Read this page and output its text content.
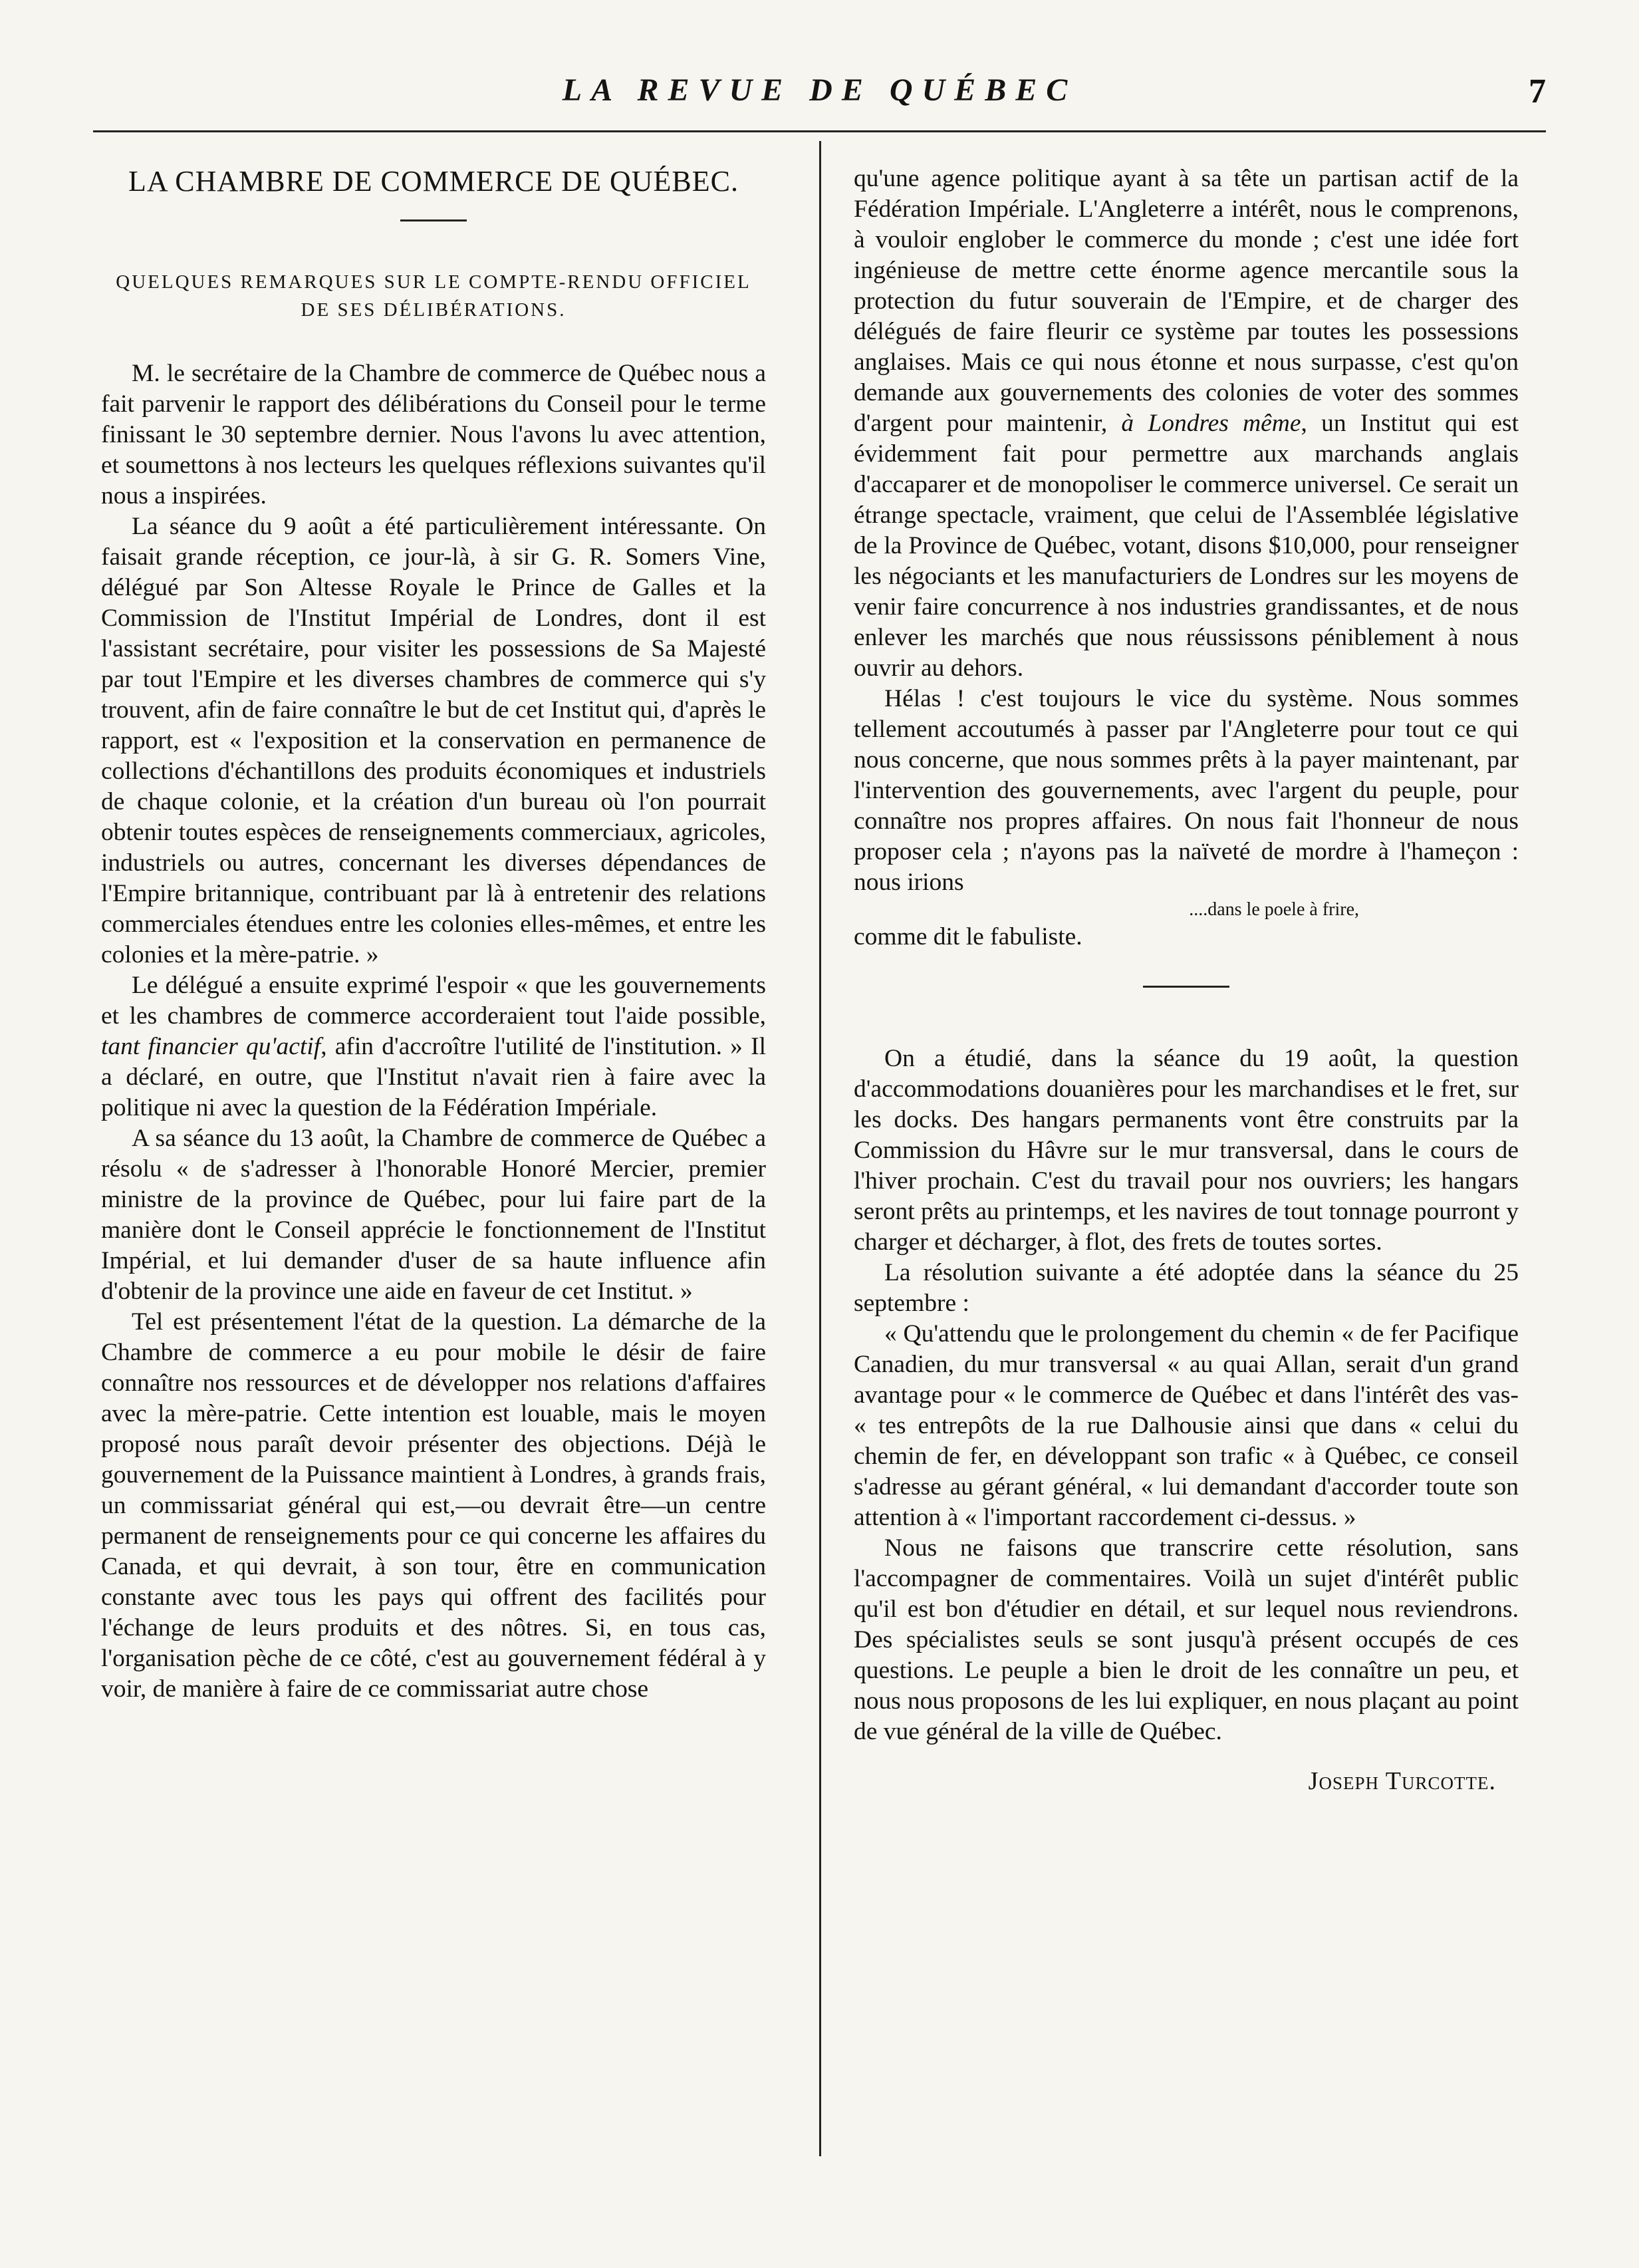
LA REVUE DE QUÉBEC	7
LA CHAMBRE DE COMMERCE DE QUÉBEC.
QUELQUES REMARQUES SUR LE COMPTE-RENDU OFFICIEL DE SES DÉLIBÉRATIONS.

M. le secrétaire de la Chambre de commerce de Québec nous a fait parvenir le rapport des délibérations du Conseil pour le terme finissant le 30 septembre dernier. Nous l'avons lu avec attention, et soumettons à nos lecteurs les quelques réflexions suivantes qu'il nous a inspirées.

La séance du 9 août a été particulièrement intéressante. On faisait grande réception, ce jour-là, à sir G. R. Somers Vine, délégué par Son Altesse Royale le Prince de Galles et la Commission de l'Institut Impérial de Londres, dont il est l'assistant secrétaire, pour visiter les possessions de Sa Majesté par tout l'Empire et les diverses chambres de commerce qui s'y trouvent, afin de faire connaître le but de cet Institut qui, d'après le rapport, est « l'exposition et la conservation en permanence de collections d'échantillons des produits économiques et industriels de chaque colonie, et la création d'un bureau où l'on pourrait obtenir toutes espèces de renseignements commerciaux, agricoles, industriels ou autres, concernant les diverses dépendances de l'Empire britannique, contribuant par là à entretenir des relations commerciales étendues entre les colonies elles-mêmes, et entre les colonies et la mère-patrie. »

Le délégué a ensuite exprimé l'espoir « que les gouvernements et les chambres de commerce accorderaient tout l'aide possible, tant financier qu'actif, afin d'accroître l'utilité de l'institution. » Il a déclaré, en outre, que l'Institut n'avait rien à faire avec la politique ni avec la question de la Fédération Impériale.

A sa séance du 13 août, la Chambre de commerce de Québec a résolu « de s'adresser à l'honorable Honoré Mercier, premier ministre de la province de Québec, pour lui faire part de la manière dont le Conseil apprécie le fonctionnement de l'Institut Impérial, et lui demander d'user de sa haute influence afin d'obtenir de la province une aide en faveur de cet Institut. »

Tel est présentement l'état de la question. La démarche de la Chambre de commerce a eu pour mobile le désir de faire connaître nos ressources et de développer nos relations d'affaires avec la mère-patrie. Cette intention est louable, mais le moyen proposé nous paraît devoir présenter des objections. Déjà le gouvernement de la Puissance maintient à Londres, à grands frais, un commissariat général qui est,—ou devrait être—un centre permanent de renseignements pour ce qui concerne les affaires du Canada, et qui devrait, à son tour, être en communication constante avec tous les pays qui offrent des facilités pour l'échange de leurs produits et des nôtres. Si, en tous cas, l'organisation pèche de ce côté, c'est au gouvernement fédéral à y voir, de manière à faire de ce commissariat autre chose

qu'une agence politique ayant à sa tête un partisan actif de la Fédération Impériale. L'Angleterre a intérêt, nous le comprenons, à vouloir englober le commerce du monde ; c'est une idée fort ingénieuse de mettre cette énorme agence mercantile sous la protection du futur souverain de l'Empire, et de charger des délégués de faire fleurir ce système par toutes les possessions anglaises. Mais ce qui nous étonne et nous surpasse, c'est qu'on demande aux gouvernements des colonies de voter des sommes d'argent pour maintenir, à Londres même, un Institut qui est évidemment fait pour permettre aux marchands anglais d'accaparer et de monopoliser le commerce universel. Ce serait un étrange spectacle, vraiment, que celui de l'Assemblée législative de la Province de Québec, votant, disons $10,000, pour renseigner les négociants et les manufacturiers de Londres sur les moyens de venir faire concurrence à nos industries grandissantes, et de nous enlever les marchés que nous réussissons péniblement à nous ouvrir au dehors.

Hélas ! c'est toujours le vice du système. Nous sommes tellement accoutumés à passer par l'Angleterre pour tout ce qui nous concerne, que nous sommes prêts à la payer maintenant, par l'intervention des gouvernements, avec l'argent du peuple, pour connaître nos propres affaires. On nous fait l'honneur de nous proposer cela ; n'ayons pas la naïveté de mordre à l'hameçon : nous irions

....dans le poele à frire,

comme dit le fabuliste.

On a étudié, dans la séance du 19 août, la question d'accommodations douanières pour les marchandises et le fret, sur les docks. Des hangars permanents vont être construits par la Commission du Hâvre sur le mur transversal, dans le cours de l'hiver prochain. C'est du travail pour nos ouvriers; les hangars seront prêts au printemps, et les navires de tout tonnage pourront y charger et décharger, à flot, des frets de toutes sortes.

La résolution suivante a été adoptée dans la séance du 25 septembre :

« Qu'attendu que le prolongement du chemin « de fer Pacifique Canadien, du mur transversal « au quai Allan, serait d'un grand avantage pour « le commerce de Québec et dans l'intérêt des vas- « tes entrepôts de la rue Dalhousie ainsi que dans « celui du chemin de fer, en développant son trafic « à Québec, ce conseil s'adresse au gérant général, « lui demandant d'accorder toute son attention à « l'important raccordement ci-dessus. »

Nous ne faisons que transcrire cette résolution, sans l'accompagner de commentaires. Voilà un sujet d'intérêt public qu'il est bon d'étudier en détail, et sur lequel nous reviendrons. Des spécialistes seuls se sont jusqu'à présent occupés de ces questions. Le peuple a bien le droit de les connaître un peu, et nous nous proposons de les lui expliquer, en nous plaçant au point de vue général de la ville de Québec.

Joseph Turcotte.
